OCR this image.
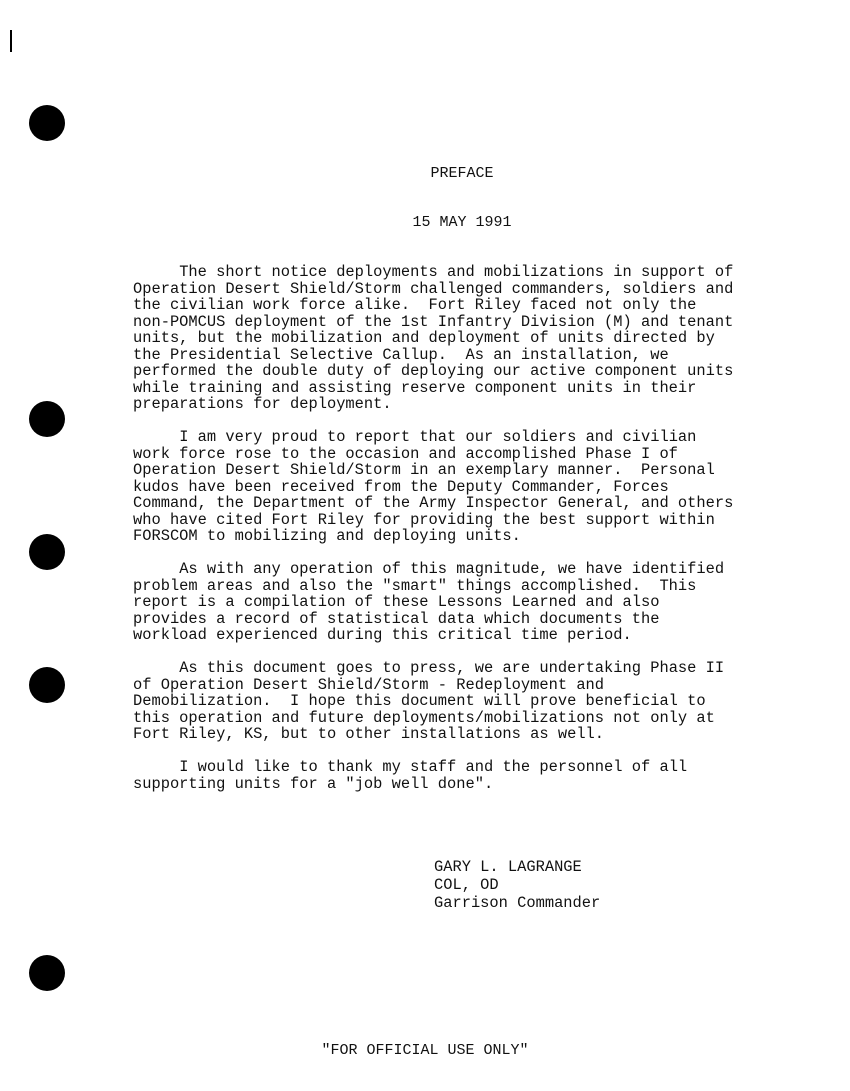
PREFACE
15 MAY 1991

The short notice deployments and mobilizations in support of
Operation Desert Shield/Storm challenged commanders, soldiers and
the civilian work force alike.  Fort Riley faced not only the
non-POMCUS deployment of the 1st Infantry Division (M) and tenant
units, but the mobilization and deployment of units directed by
the Presidential Selective Callup.  As an installation, we
performed the double duty of deploying our active component units
while training and assisting reserve component units in their
preparations for deployment.

I am very proud to report that our soldiers and civilian
work force rose to the occasion and accomplished Phase I of
Operation Desert Shield/Storm in an exemplary manner.  Personal
kudos have been received from the Deputy Commander, Forces
Command, the Department of the Army Inspector General, and others
who have cited Fort Riley for providing the best support within
FORSCOM to mobilizing and deploying units.

As with any operation of this magnitude, we have identified
problem areas and also the "smart" things accomplished.  This
report is a compilation of these Lessons Learned and also
provides a record of statistical data which documents the
workload experienced during this critical time period.

As this document goes to press, we are undertaking Phase II
of Operation Desert Shield/Storm - Redeployment and
Demobilization.  I hope this document will prove beneficial to
this operation and future deployments/mobilizations not only at
Fort Riley, KS, but to other installations as well.

I would like to thank my staff and the personnel of all
supporting units for a "job well done".

GARY L. LAGRANGE
COL, OD
Garrison Commander
"FOR OFFICIAL USE ONLY"
